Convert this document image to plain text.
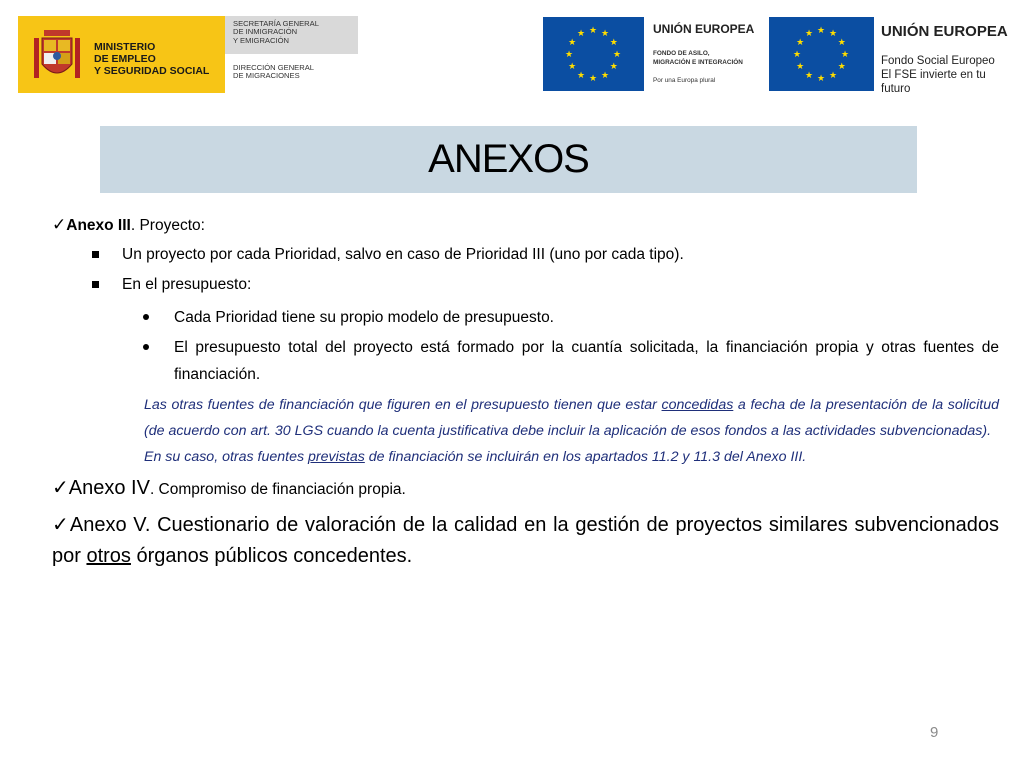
MINISTERIO
DE EMPLEO
Y SEGURIDAD SOCIAL
SECRETARÍA GENERAL
DE INMIGRACIÓN
Y EMIGRACIÓN
DIRECCIÓN GENERAL
DE MIGRACIONES
★
★
★
★
★
★
★
★
★ ★ ★
★
UNIÓN EUROPEA
FONDO DE ASILO,
MIGRACIÓN E INTEGRACIÓN
Por una Europa plural
★
★
★
★
★
★
★
★
★ ★ ★
★
UNIÓN EUROPEA
Fondo Social Europeo
El FSE invierte en tu futuro
ANEXOS
✓Anexo III. Proyecto:
Un proyecto por cada Prioridad, salvo en caso de Prioridad III (uno por cada tipo).
En el presupuesto:
Cada Prioridad tiene su propio modelo de presupuesto.
El presupuesto total del proyecto está formado por la cuantía solicitada, la financiación propia y otras fuentes de financiación.
Las otras fuentes de financiación que figuren en el presupuesto tienen que estar concedidas a fecha de la presentación de la solicitud (de acuerdo con art. 30 LGS cuando la cuenta justificativa debe incluir la aplicación de esos fondos a las actividades subvencionadas).
En su caso, otras fuentes previstas de financiación se incluirán en los apartados 11.2 y 11.3 del Anexo III.
✓Anexo IV. Compromiso de financiación propia.
✓Anexo V. Cuestionario de valoración de la calidad en la gestión de proyectos similares subvencionados por otros órganos públicos concedentes.
9
